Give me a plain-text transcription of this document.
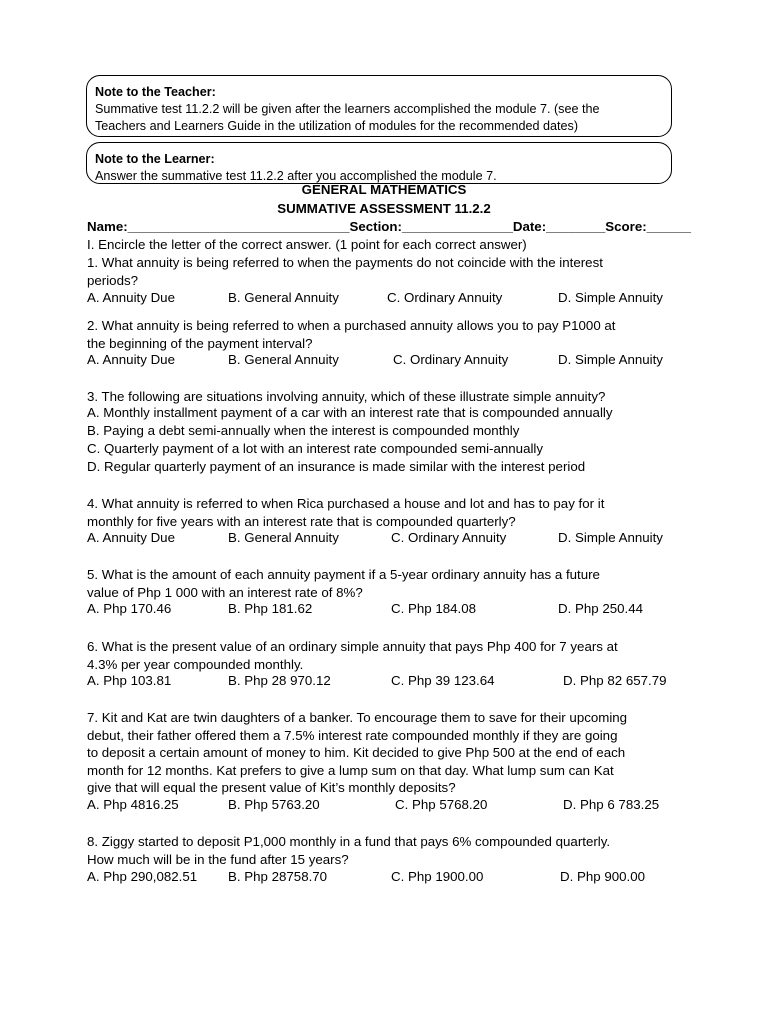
Note to the Teacher:
Summative test 11.2.2 will be given after the learners accomplished the module 7. (see the
Teachers and Learners Guide in the utilization of modules for the recommended dates)
Note to the Learner:
Answer the summative test 11.2.2 after you accomplished the module 7.
GENERAL MATHEMATICS
SUMMATIVE ASSESSMENT 11.2.2
Name:______________________________Section:_______________Date:________Score:______
I. Encircle the letter of the correct answer. (1 point for each correct answer)
1. What annuity is being referred to when the payments do not coincide with the interest
periods?
A. Annuity Due	B. General Annuity	C. Ordinary Annuity	D. Simple Annuity
2. What annuity is being referred to when a purchased annuity allows you to pay P1000 at
the beginning of the payment interval?
A. Annuity Due	B. General Annuity	C. Ordinary Annuity	D. Simple Annuity
3. The following are situations involving annuity, which of these illustrate simple annuity?
A. Monthly installment payment of a car with an interest rate that is compounded annually
B. Paying a debt semi-annually when the interest is compounded monthly
C. Quarterly payment of a lot with an interest rate compounded semi-annually
D. Regular quarterly payment of an insurance is made similar with the interest period
4. What annuity is referred to when Rica purchased a house and lot and has to pay for it
monthly for five years with an interest rate that is compounded quarterly?
A. Annuity Due	B. General Annuity	C. Ordinary Annuity	D. Simple Annuity
5. What is the amount of each annuity payment if a 5-year ordinary annuity has a future
value of Php 1 000 with an interest rate of 8%?
A. Php 170.46	B. Php 181.62	C. Php 184.08	D. Php 250.44
6. What is the present value of an ordinary simple annuity that pays Php 400 for 7 years at
4.3% per year compounded monthly.
A. Php 103.81	B. Php 28 970.12	C. Php 39 123.64	D. Php 82 657.79
7. Kit and Kat are twin daughters of a banker. To encourage them to save for their upcoming
debut, their father offered them a 7.5% interest rate compounded monthly if they are going
to deposit a certain amount of money to him. Kit decided to give Php 500 at the end of each
month for 12 months. Kat prefers to give a lump sum on that day. What lump sum can Kat
give that will equal the present value of Kit’s monthly deposits?
A. Php 4816.25	B. Php 5763.20	C. Php 5768.20	D. Php 6 783.25
8. Ziggy started to deposit P1,000 monthly in a fund that pays 6% compounded quarterly.
How much will be in the fund after 15 years?
A. Php 290,082.51 B. Php 28758.70	C. Php 1900.00	D. Php 900.00
